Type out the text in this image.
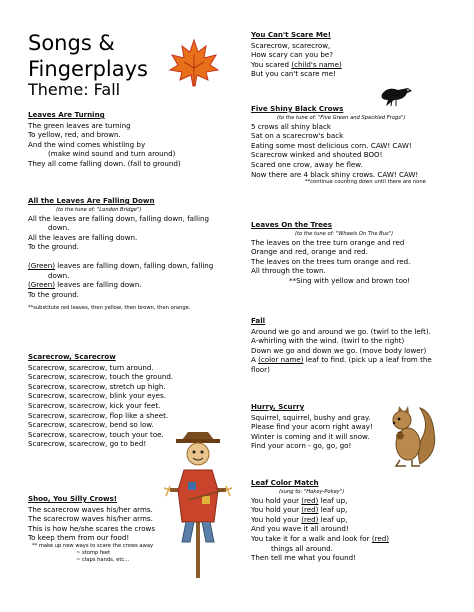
Songs &
Fingerplays
Theme: Fall
Leaves Are Turning
The green leaves are turning
To yellow, red, and brown.
And the wind comes whistling by
(make wind sound and turn around)
They all come falling down. (fall to ground)
All the Leaves Are Falling Down
(to the tune of: "London Bridge")
All the leaves are falling down, falling down, falling
down.
All the leaves are falling down.
To the ground.
(Green) leaves are falling down, falling down, falling
down.
(Green) leaves are falling down.
To the ground.
**substitute red leaves, then yellow, then brown, then orange.
Scarecrow, Scarecrow
Scarecrow, scarecrow, turn around.
Scarecrow, scarecrow, touch the ground.
Scarecrow, scarecrow, stretch up high.
Scarecrow, scarecrow, blink your eyes.
Scarecrow, scarecrow, kick your feet.
Scarecrow, scarecrow, flop like a sheet.
Scarecrow, scarecrow, bend so low.
Scarecrow, scarecrow, touch your toe.
Scarecrow, scarecrow, go to bed!
Shoo, You Silly Crows!
The scarecrow waves his/her arms.
The scarecrow waves his/her arms.
This is how he/she scares the crows
To keep them from our food!
** make up new ways to scare the crows away
~ stomp feet
~ claps hands, etc...
You Can't Scare Me!
Scarecrow, scarecrow,
How scary can you be?
You scared (child's name)
But you can't scare me!
Five Shiny Black Crows
(to the tune of: "Five Green and Speckled Frogs")
5 crows all shiny black
Sat on a scarecrow's back
Eating some most delicious corn. CAW! CAW!
Scarecrow winked and shouted BOO!
Scared one crow, away he flew.
Now there are 4 black shiny crows. CAW! CAW!
**continue counting down until there are none
Leaves On the Trees
(to the tune of: "Wheels On The Bus")
The leaves on the tree turn orange and red
Orange and red, orange and red.
The leaves on the trees turn orange and red.
All through the town.
**Sing with yellow and brown too!
Fall
Around we go and around we go. (twirl to the left).
A-whirling with the wind. (twirl to the right)
Down we go and down we go. (move body lower)
A (color name) leaf to find. (pick up a leaf from the
floor)
Hurry, Scurry
Squirrel, squirrel, bushy and gray.
Please find your acorn right away!
Winter is coming and it will snow.
Find your acorn - go, go, go!
Leaf Color Match
(sung to: "Hokey-Pokey")
You hold your (red) leaf up,
You hold your (red) leaf up,
You hold your (red) leaf up,
And you wave it all around!
You take it for a walk and look for (red)
things all around.
Then tell me what you found!
